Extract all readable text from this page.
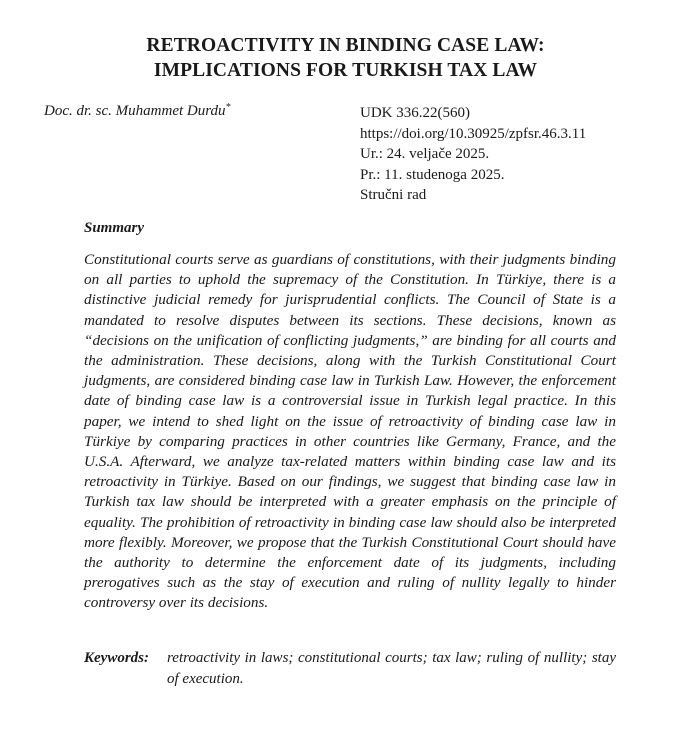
RETROACTIVITY IN BINDING CASE LAW:
IMPLICATIONS FOR TURKISH TAX LAW
Doc. dr. sc. Muhammet Durdu*	UDK 336.22(560)
https://doi.org/10.30925/zpfsr.46.3.11
Ur.: 24. veljače 2025.
Pr.: 11. studenoga 2025.
Stručni rad
Summary
Constitutional courts serve as guardians of constitutions, with their judgments binding on all parties to uphold the supremacy of the Constitution. In Türkiye, there is a distinctive judicial remedy for jurisprudential conflicts. The Council of State is a mandated to resolve disputes between its sections. These decisions, known as “decisions on the unification of conflicting judgments,” are binding for all courts and the administration. These decisions, along with the Turkish Constitutional Court judgments, are considered binding case law in Turkish Law. However, the enforcement date of binding case law is a controversial issue in Turkish legal practice. In this paper, we intend to shed light on the issue of retroactivity of binding case law in Türkiye by comparing practices in other countries like Germany, France, and the U.S.A. Afterward, we analyze tax-related matters within binding case law and its retroactivity in Türkiye. Based on our findings, we suggest that binding case law in Turkish tax law should be interpreted with a greater emphasis on the principle of equality. The prohibition of retroactivity in binding case law should also be interpreted more flexibly. Moreover, we propose that the Turkish Constitutional Court should have the authority to determine the enforcement date of its judgments, including prerogatives such as the stay of execution and ruling of nullity legally to hinder controversy over its decisions.
Keywords: retroactivity in laws; constitutional courts; tax law; ruling of nullity; stay of execution.
